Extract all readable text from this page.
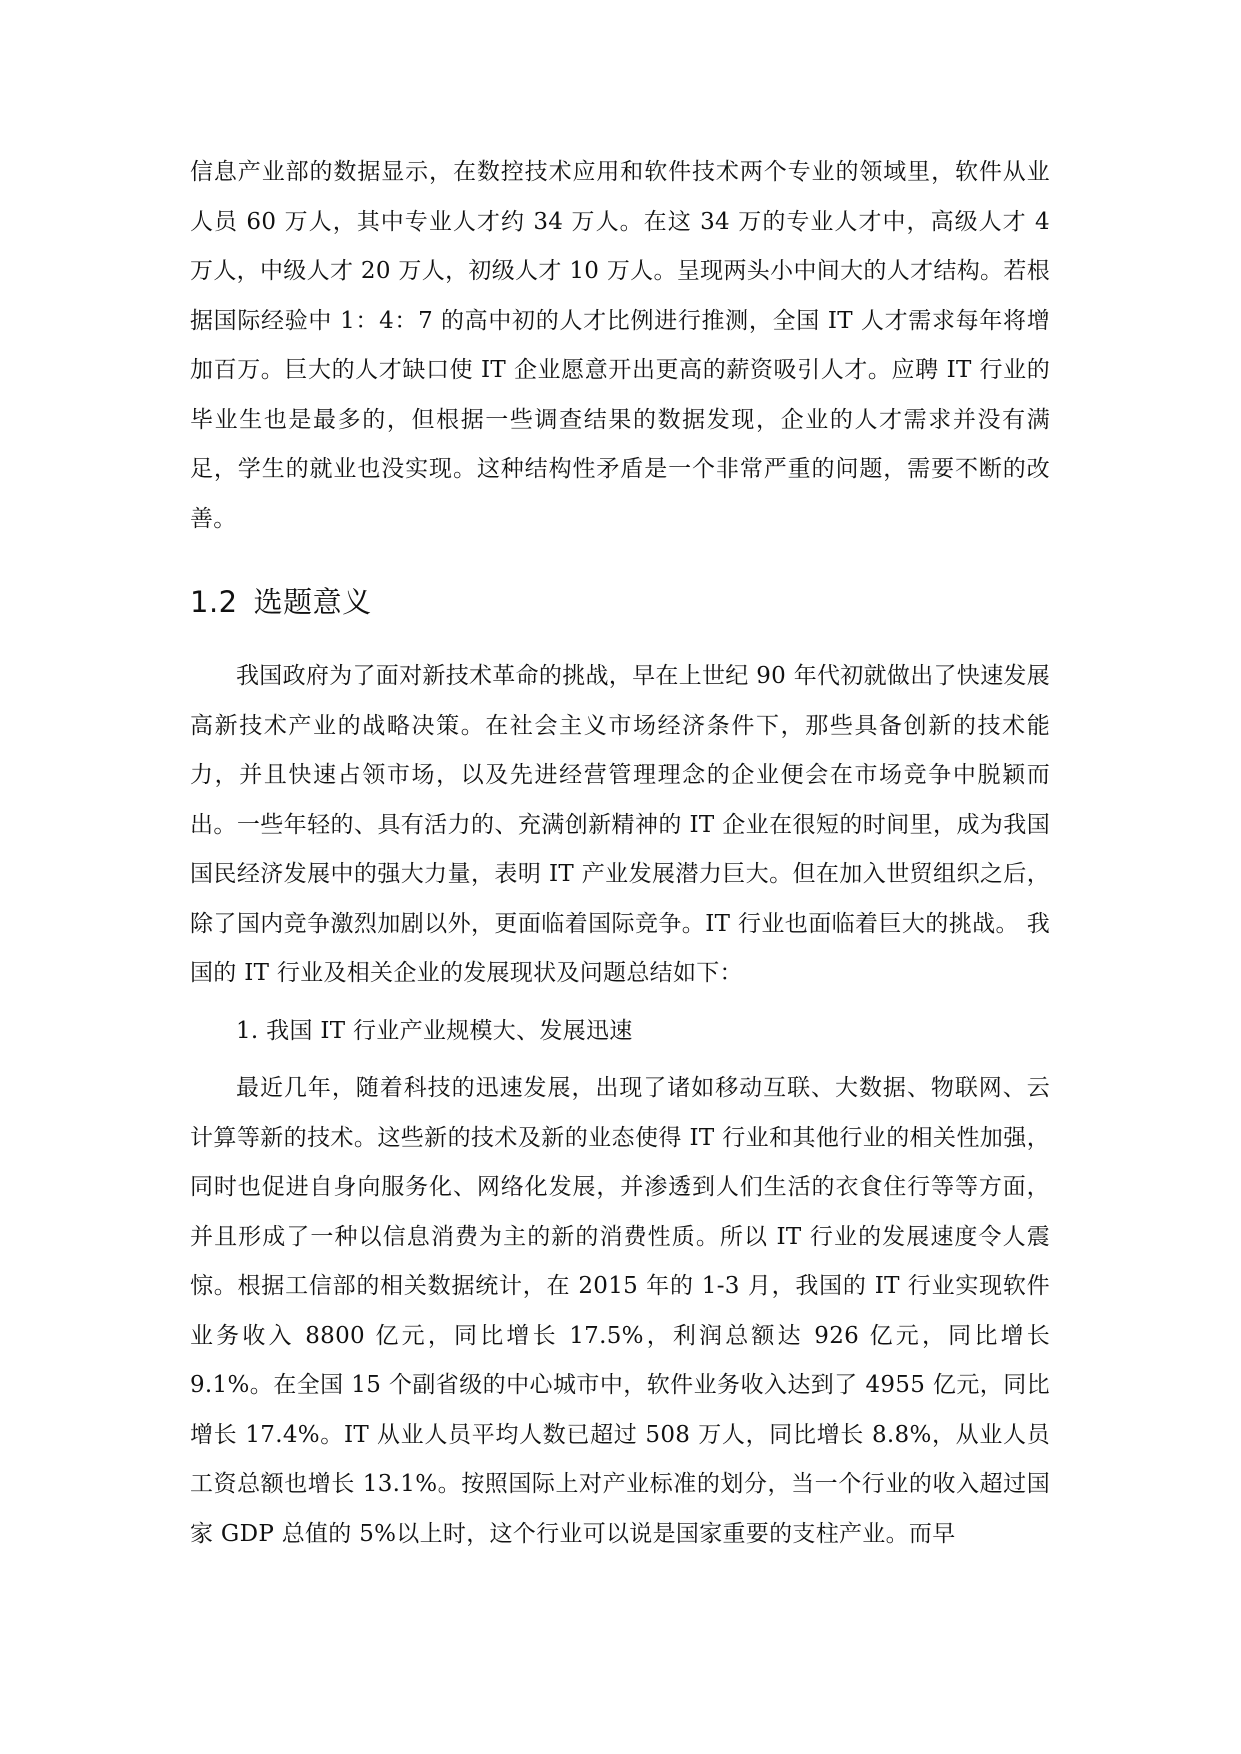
信息产业部的数据显示，在数控技术应用和软件技术两个专业的领域里，软件从业人员 60 万人，其中专业人才约 34 万人。在这 34 万的专业人才中，高级人才 4 万人，中级人才 20 万人，初级人才 10 万人。呈现两头小中间大的人才结构。若根据国际经验中 1：4：7 的高中初的人才比例进行推测，全国 IT 人才需求每年将增加百万。巨大的人才缺口使 IT 企业愿意开出更高的薪资吸引人才。应聘 IT 行业的毕业生也是最多的，但根据一些调查结果的数据发现，企业的人才需求并没有满足，学生的就业也没实现。这种结构性矛盾是一个非常严重的问题，需要不断的改善。

1.2 选题意义

我国政府为了面对新技术革命的挑战，早在上世纪 90 年代初就做出了快速发展高新技术产业的战略决策。在社会主义市场经济条件下，那些具备创新的技术能力，并且快速占领市场，以及先进经营管理理念的企业便会在市场竞争中脱颖而出。一些年轻的、具有活力的、充满创新精神的 IT 企业在很短的时间里，成为我国国民经济发展中的强大力量，表明 IT 产业发展潜力巨大。但在加入世贸组织之后，除了国内竞争激烈加剧以外，更面临着国际竞争。IT 行业也面临着巨大的挑战。 我国的 IT 行业及相关企业的发展现状及问题总结如下：

1. 我国 IT 行业产业规模大、发展迅速

最近几年，随着科技的迅速发展，出现了诸如移动互联、大数据、物联网、云计算等新的技术。这些新的技术及新的业态使得 IT 行业和其他行业的相关性加强，同时也促进自身向服务化、网络化发展，并渗透到人们生活的衣食住行等等方面，并且形成了一种以信息消费为主的新的消费性质。所以 IT 行业的发展速度令人震惊。根据工信部的相关数据统计，在 2015 年的 1-3 月，我国的 IT 行业实现软件业务收入 8800 亿元，同比增长 17.5%，利润总额达 926 亿元，同比增长 9.1%。在全国 15 个副省级的中心城市中，软件业务收入达到了 4955 亿元，同比增长 17.4%。IT 从业人员平均人数已超过 508 万人，同比增长 8.8%，从业人员工资总额也增长 13.1%。按照国际上对产业标准的划分，当一个行业的收入超过国家 GDP 总值的 5%以上时，这个行业可以说是国家重要的支柱产业。而早
